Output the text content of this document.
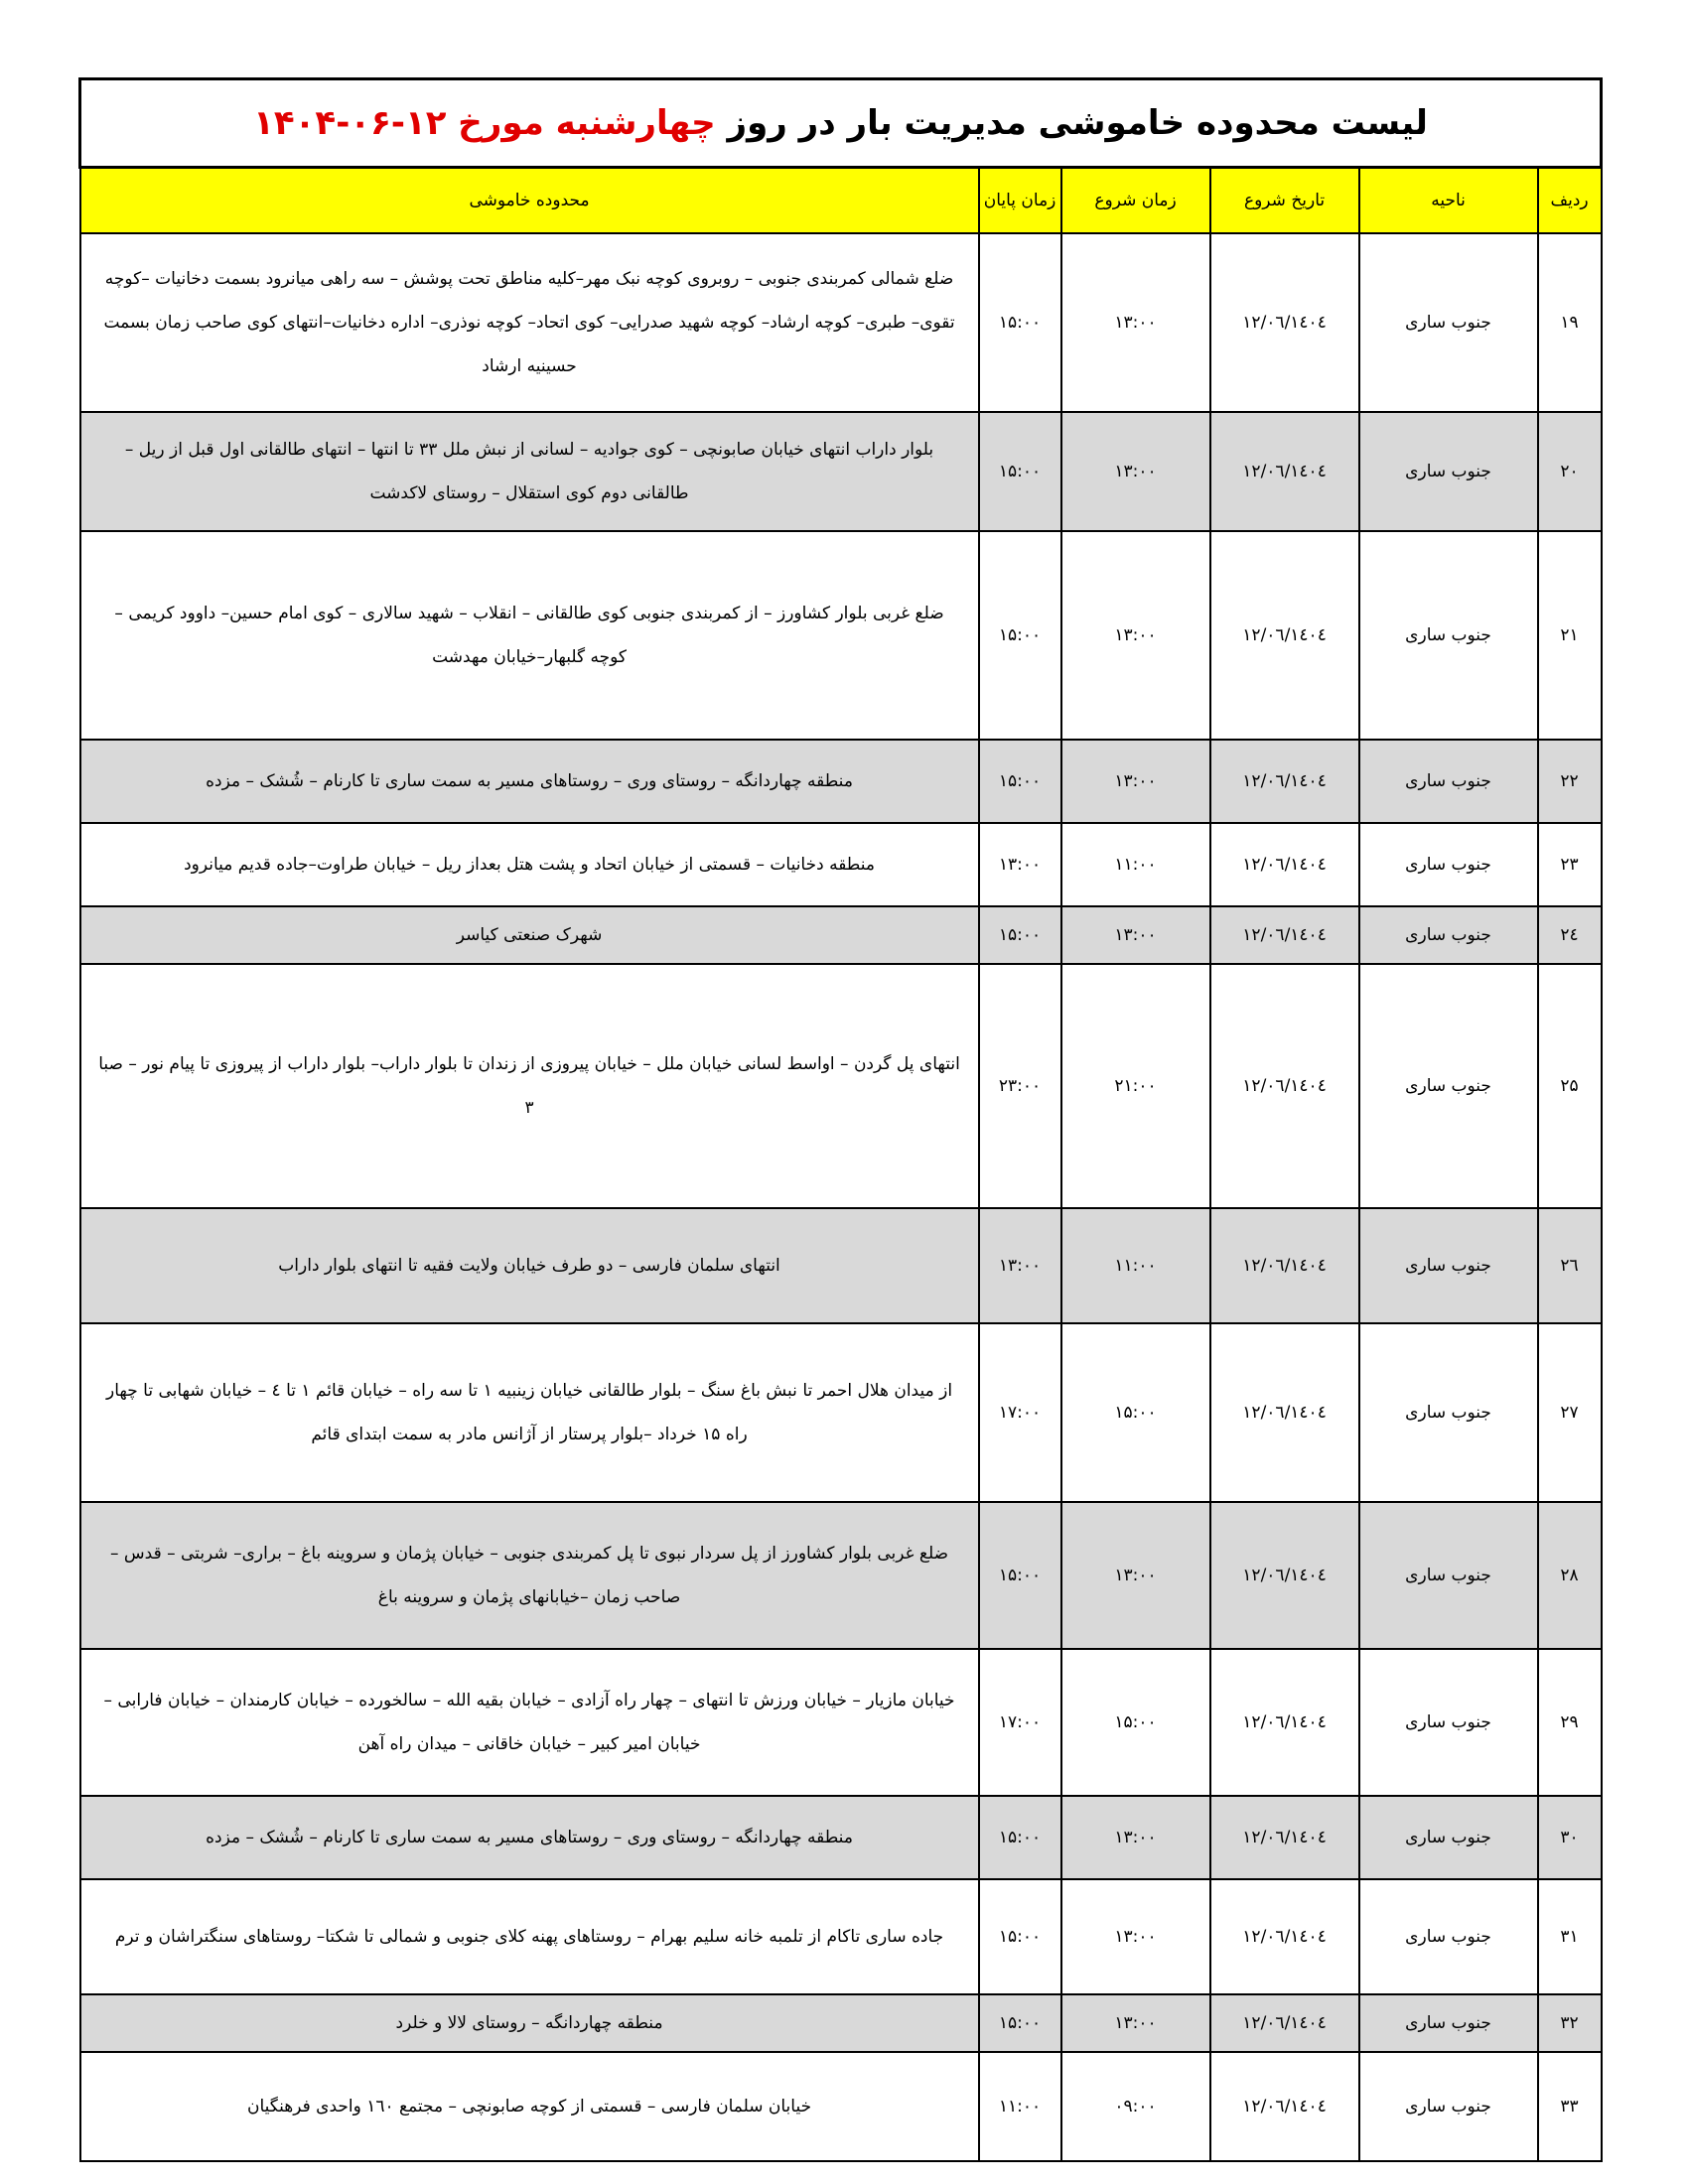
لیست محدوده خاموشی مدیریت بار در روز چهارشنبه مورخ ۱۲-۰۶-۱۴۰۴					
ردیف	ناحیه	تاریخ شروع	زمان شروع	زمان پایان	محدوده خاموشی
۱۹	جنوب ساری	۱٤۰٤/۰٦/۱۲	۱۳:۰۰	۱۵:۰۰	ضلع شمالی کمربندی جنوبی – روبروی کوچه نبک مهر–کلیه مناطق تحت پوشش – سه راهی میانرود بسمت دخانیات –کوچه تقوی– طبری– کوچه ارشاد– کوچه شهید صدرایی– کوی اتحاد– کوچه نوذری– اداره دخانیات–انتهای کوی صاحب زمان بسمت حسینیه ارشاد
۲۰	جنوب ساری	۱٤۰٤/۰٦/۱۲	۱۳:۰۰	۱۵:۰۰	بلوار داراب انتهای خیابان صابونچی – کوی جوادیه – لسانی از نبش ملل ۳۳ تا انتها – انتهای طالقانی اول قبل از ریل – طالقانی دوم کوی استقلال – روستای لاکدشت
۲۱	جنوب ساری	۱٤۰٤/۰٦/۱۲	۱۳:۰۰	۱۵:۰۰	ضلع غربی بلوار کشاورز – از کمربندی جنوبی کوی طالقانی – انقلاب – شهید سالاری – کوی امام حسین– داوود کریمی – کوچه گلبهار–خیابان مهدشت
۲۲	جنوب ساری	۱٤۰٤/۰٦/۱۲	۱۳:۰۰	۱۵:۰۰	منطقه چهاردانگه – روستای وری – روستاهای مسیر به سمت ساری تا کارنام – شُشک – مزده
۲۳	جنوب ساری	۱٤۰٤/۰٦/۱۲	۱۱:۰۰	۱۳:۰۰	منطقه دخانیات – قسمتی از خیابان اتحاد و پشت هتل بعداز ریل – خیابان طراوت–جاده قدیم میانرود
۲٤	جنوب ساری	۱٤۰٤/۰٦/۱۲	۱۳:۰۰	۱۵:۰۰	شهرک صنعتی کیاسر
۲۵	جنوب ساری	۱٤۰٤/۰٦/۱۲	۲۱:۰۰	۲۳:۰۰	انتهای پل گردن – اواسط لسانی خیابان ملل – خیابان پیروزی از زندان تا بلوار داراب– بلوار داراب از پیروزی تا پیام نور – صبا ۳
۲٦	جنوب ساری	۱٤۰٤/۰٦/۱۲	۱۱:۰۰	۱۳:۰۰	انتهای سلمان فارسی – دو طرف خیابان ولایت فقیه تا انتهای بلوار داراب
۲۷	جنوب ساری	۱٤۰٤/۰٦/۱۲	۱۵:۰۰	۱۷:۰۰	از میدان هلال احمر تا نبش باغ سنگ – بلوار طالقانی خیابان زینبیه ۱ تا سه راه – خیابان قائم ۱ تا ٤ – خیابان شهابی تا چهار راه ۱۵ خرداد –بلوار پرستار از آژانس مادر به سمت ابتدای قائم
۲۸	جنوب ساری	۱٤۰٤/۰٦/۱۲	۱۳:۰۰	۱۵:۰۰	ضلع غربی بلوار کشاورز از پل سردار نبوی تا پل کمربندی جنوبی – خیابان پژمان و سروینه باغ – براری– شربتی – قدس – صاحب زمان –خیابانهای پژمان و سروینه باغ
۲۹	جنوب ساری	۱٤۰٤/۰٦/۱۲	۱۵:۰۰	۱۷:۰۰	خیابان مازیار – خیابان ورزش تا انتهای – چهار راه آزادی – خیابان بقیه الله – سالخورده – خیابان کارمندان – خیابان فارابی – خیابان امیر کبیر – خیابان خاقانی – میدان راه آهن
۳۰	جنوب ساری	۱٤۰٤/۰٦/۱۲	۱۳:۰۰	۱۵:۰۰	منطقه چهاردانگه – روستای وری – روستاهای مسیر به سمت ساری تا کارنام – شُشک – مزده
۳۱	جنوب ساری	۱٤۰٤/۰٦/۱۲	۱۳:۰۰	۱۵:۰۰	جاده ساری تاکام از تلمبه خانه سلیم بهرام – روستاهای پهنه کلای جنوبی و شمالی تا شکتا– روستاهای سنگتراشان و ترم
۳۲	جنوب ساری	۱٤۰٤/۰٦/۱۲	۱۳:۰۰	۱۵:۰۰	منطقه چهاردانگه – روستای لالا و خلرد
۳۳	جنوب ساری	۱٤۰٤/۰٦/۱۲	۰۹:۰۰	۱۱:۰۰	خیابان سلمان فارسی – قسمتی از کوچه صابونچی – مجتمع ۱٦۰ واحدی فرهنگیان
